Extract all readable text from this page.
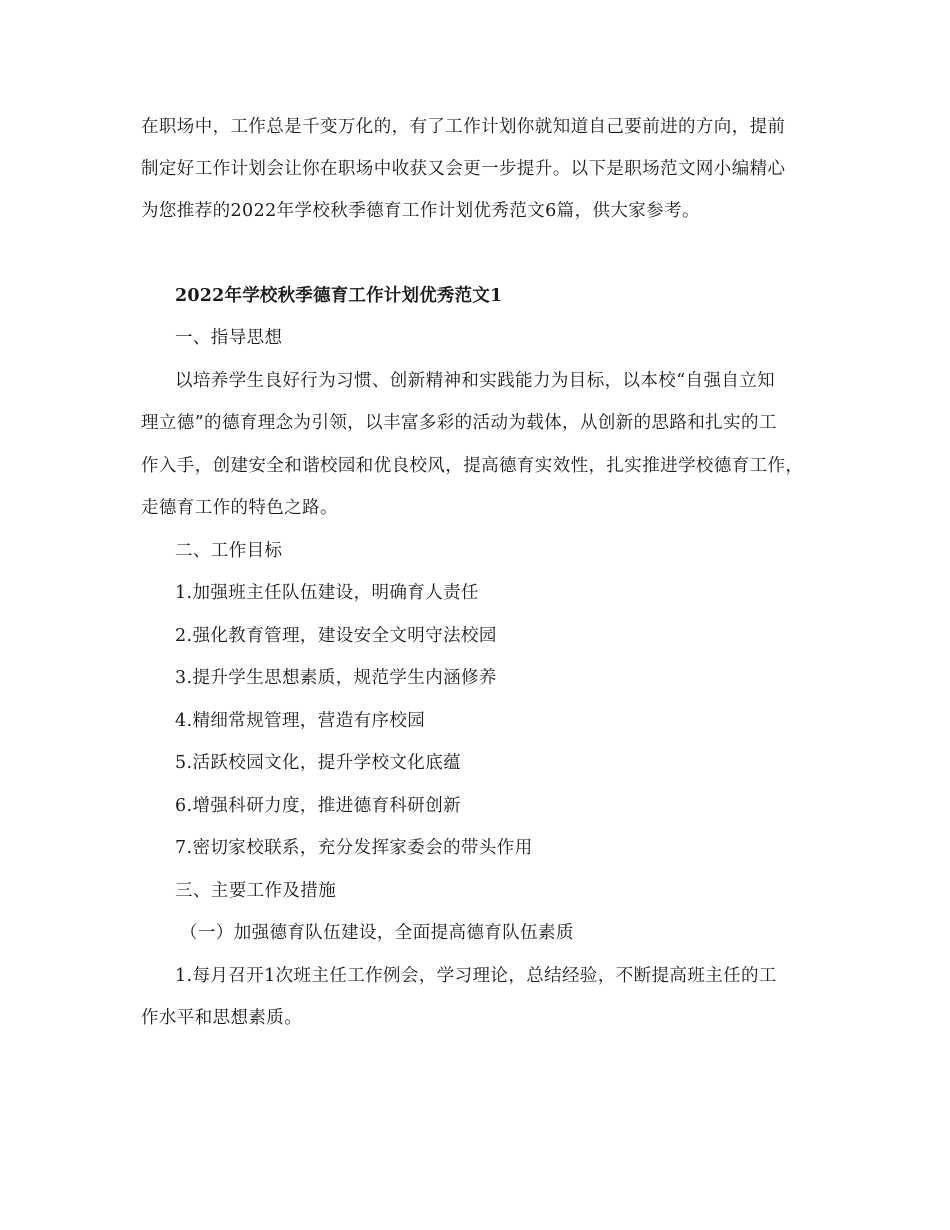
在职场中，工作总是千变万化的，有了工作计划你就知道自己要前进的方向，提前

制定好工作计划会让你在职场中收获又会更一步提升。以下是职场范文网小编精心

为您推荐的2022年学校秋季德育工作计划优秀范文6篇，供大家参考。

2022年学校秋季德育工作计划优秀范文1

一、指导思想

以培养学生良好行为习惯、创新精神和实践能力为目标，以本校“自强自立知

理立德”的德育理念为引领，以丰富多彩的活动为载体，从创新的思路和扎实的工

作入手，创建安全和谐校园和优良校风，提高德育实效性，扎实推进学校德育工作，

走德育工作的特色之路。

二、工作目标

1.加强班主任队伍建设，明确育人责任

2.强化教育管理，建设安全文明守法校园

3.提升学生思想素质，规范学生内涵修养

4.精细常规管理，营造有序校园

5.活跃校园文化，提升学校文化底蕴

6.增强科研力度，推进德育科研创新

7.密切家校联系，充分发挥家委会的带头作用

三、主要工作及措施

（一）加强德育队伍建设，全面提高德育队伍素质

1.每月召开1次班主任工作例会，学习理论，总结经验，不断提高班主任的工

作水平和思想素质。
